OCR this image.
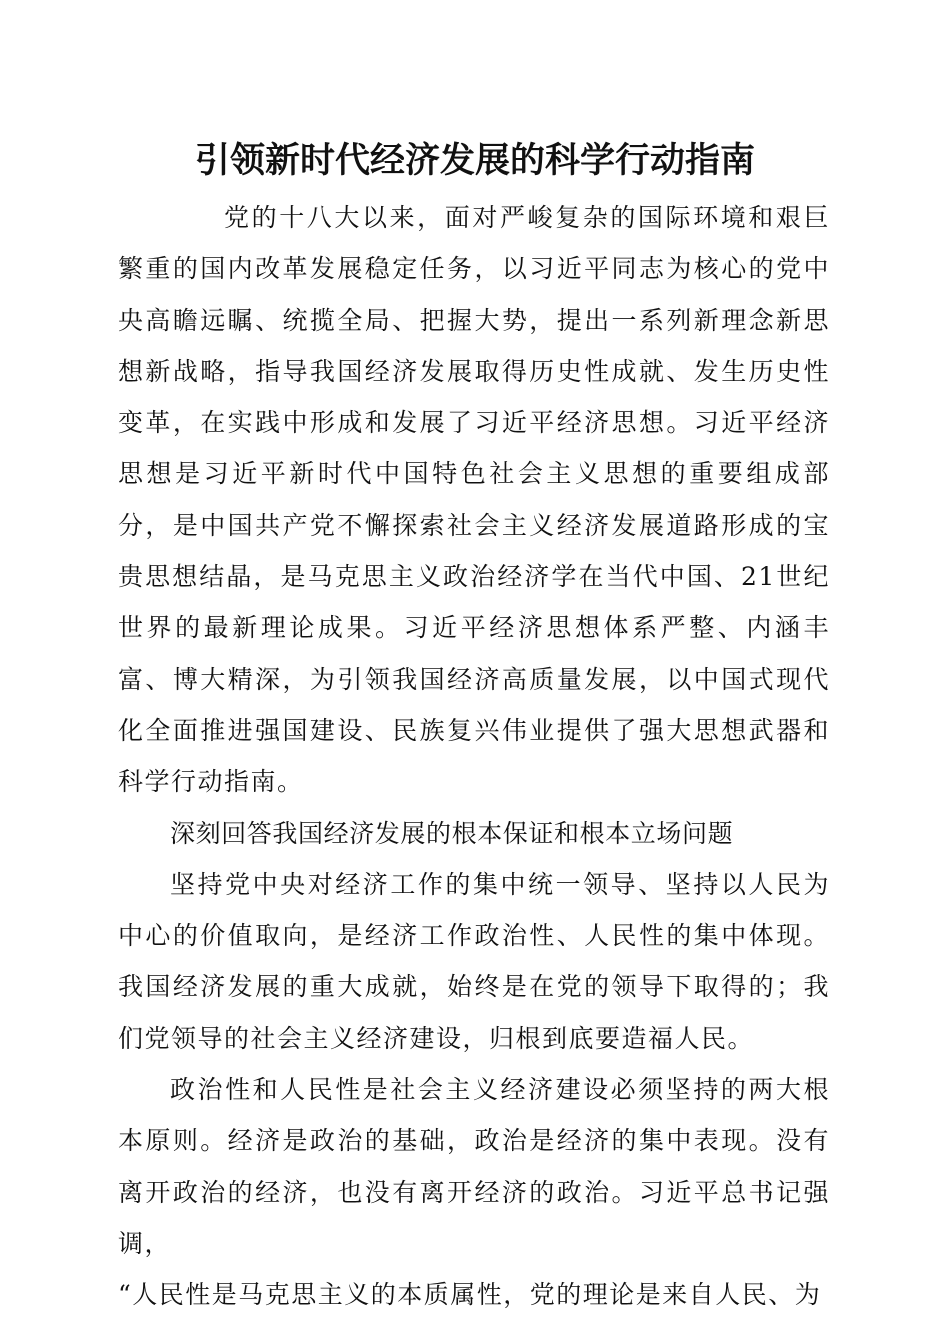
引领新时代经济发展的科学行动指南

党的十八大以来，面对严峻复杂的国际环境和艰巨繁重的国内改革发展稳定任务，以习近平同志为核心的党中央高瞻远瞩、统揽全局、把握大势，提出一系列新理念新思想新战略，指导我国经济发展取得历史性成就、发生历史性变革，在实践中形成和发展了习近平经济思想。习近平经济思想是习近平新时代中国特色社会主义思想的重要组成部分，是中国共产党不懈探索社会主义经济发展道路形成的宝贵思想结晶，是马克思主义政治经济学在当代中国、21世纪世界的最新理论成果。习近平经济思想体系严整、内涵丰富、博大精深，为引领我国经济高质量发展，以中国式现代化全面推进强国建设、民族复兴伟业提供了强大思想武器和科学行动指南。

深刻回答我国经济发展的根本保证和根本立场问题

坚持党中央对经济工作的集中统一领导、坚持以人民为中心的价值取向，是经济工作政治性、人民性的集中体现。我国经济发展的重大成就，始终是在党的领导下取得的；我们党领导的社会主义经济建设，归根到底要造福人民。

政治性和人民性是社会主义经济建设必须坚持的两大根本原则。经济是政治的基础，政治是经济的集中表现。没有离开政治的经济，也没有离开经济的政治。习近平总书记强调，

“人民性是马克思主义的本质属性，党的理论是来自人民、为
